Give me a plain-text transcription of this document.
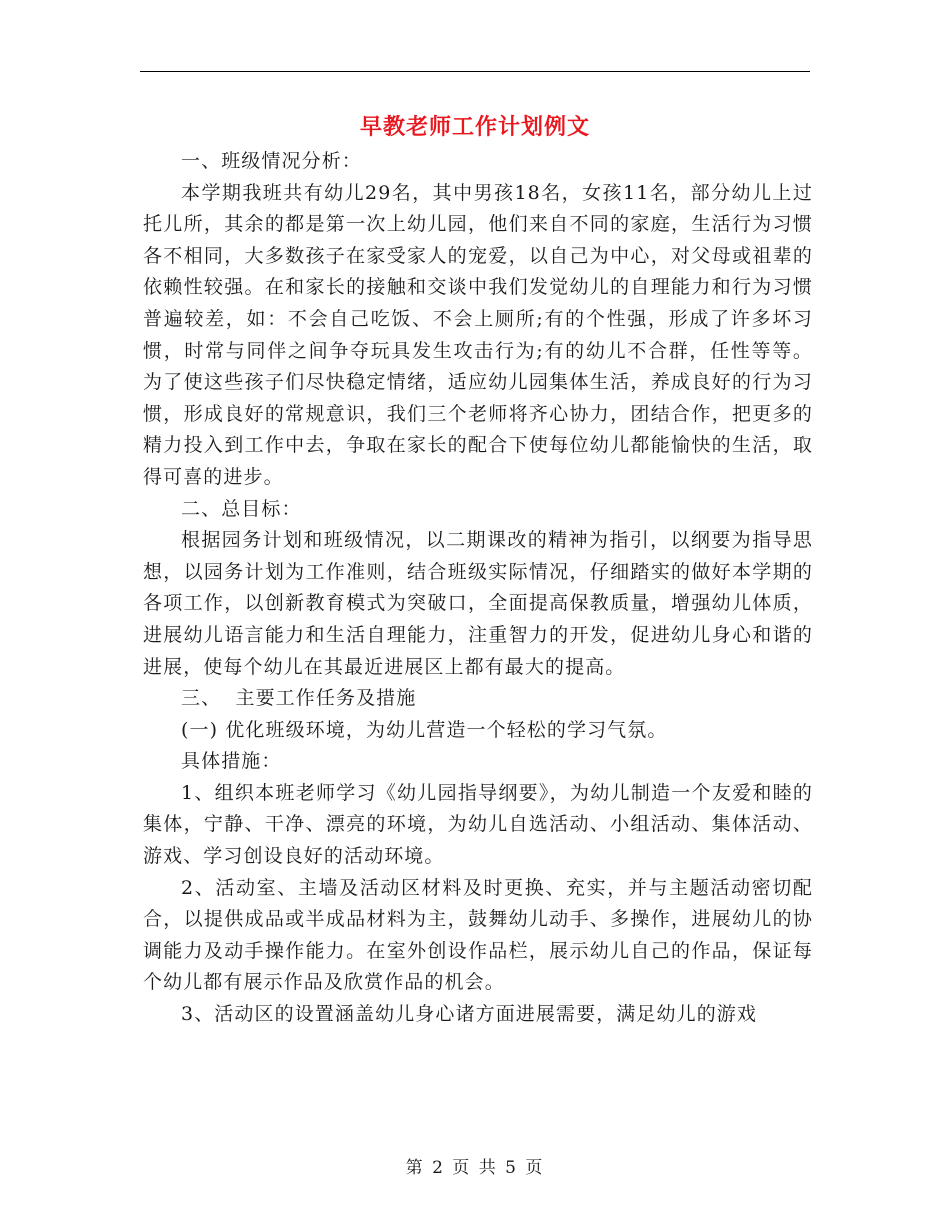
早教老师工作计划例文

一、班级情况分析：

本学期我班共有幼儿29名，其中男孩18名，女孩11名，部分幼儿上过托儿所，其余的都是第一次上幼儿园，他们来自不同的家庭，生活行为习惯各不相同，大多数孩子在家受家人的宠爱，以自己为中心，对父母或祖辈的依赖性较强。在和家长的接触和交谈中我们发觉幼儿的自理能力和行为习惯普遍较差，如：不会自己吃饭、不会上厕所;有的个性强，形成了许多坏习惯，时常与同伴之间争夺玩具发生攻击行为;有的幼儿不合群，任性等等。为了使这些孩子们尽快稳定情绪，适应幼儿园集体生活，养成良好的行为习惯，形成良好的常规意识，我们三个老师将齐心协力，团结合作，把更多的精力投入到工作中去，争取在家长的配合下使每位幼儿都能愉快的生活，取得可喜的进步。

二、总目标：

根据园务计划和班级情况，以二期课改的精神为指引，以纲要为指导思想，以园务计划为工作准则，结合班级实际情况，仔细踏实的做好本学期的各项工作，以创新教育模式为突破口，全面提高保教质量，增强幼儿体质，进展幼儿语言能力和生活自理能力，注重智力的开发，促进幼儿身心和谐的进展，使每个幼儿在其最近进展区上都有最大的提高。

三、  主要工作任务及措施

(一) 优化班级环境，为幼儿营造一个轻松的学习气氛。

具体措施：

1、组织本班老师学习《幼儿园指导纲要》，为幼儿制造一个友爱和睦的集体，宁静、干净、漂亮的环境，为幼儿自选活动、小组活动、集体活动、游戏、学习创设良好的活动环境。

2、活动室、主墙及活动区材料及时更换、充实，并与主题活动密切配合，以提供成品或半成品材料为主，鼓舞幼儿动手、多操作，进展幼儿的协调能力及动手操作能力。在室外创设作品栏，展示幼儿自己的作品，保证每个幼儿都有展示作品及欣赏作品的机会。

3、活动区的设置涵盖幼儿身心诸方面进展需要，满足幼儿的游戏

第 2 页 共 5 页
